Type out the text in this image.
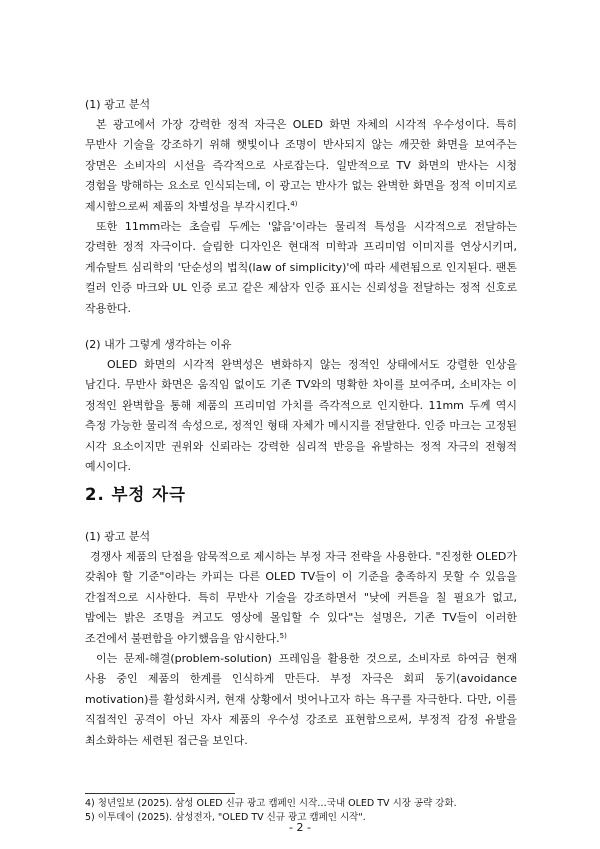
(1) 광고 분석
본 광고에서 가장 강력한 정적 자극은 OLED 화면 자체의 시각적 우수성이다. 특히 무반사 기술을 강조하기 위해 햇빛이나 조명이 반사되지 않는 깨끗한 화면을 보여주는 장면은 소비자의 시선을 즉각적으로 사로잡는다. 일반적으로 TV 화면의 반사는 시청 경험을 방해하는 요소로 인식되는데, 이 광고는 반사가 없는 완벽한 화면을 정적 이미지로 제시함으로써 제품의 차별성을 부각시킨다.$^{4)}$
또한 11mm라는 초슬림 두께는 '얇음'이라는 물리적 특성을 시각적으로 전달하는 강력한 정적 자극이다. 슬림한 디자인은 현대적 미학과 프리미엄 이미지를 연상시키며, 게슈탈트 심리학의 '단순성의 법칙(law of simplicity)'에 따라 세련됨으로 인지된다. 팬톤 컬러 인증 마크와 UL 인증 로고 같은 제삼자 인증 표시는 신뢰성을 전달하는 정적 신호로 작용한다.
(2) 내가 그렇게 생각하는 이유
OLED 화면의 시각적 완벽성은 변화하지 않는 정적인 상태에서도 강렬한 인상을 남긴다. 무반사 화면은 움직임 없이도 기존 TV와의 명확한 차이를 보여주며, 소비자는 이 정적인 완벽함을 통해 제품의 프리미엄 가치를 즉각적으로 인지한다. 11mm 두께 역시 측정 가능한 물리적 속성으로, 정적인 형태 자체가 메시지를 전달한다. 인증 마크는 고정된 시각 요소이지만 권위와 신뢰라는 강력한 심리적 반응을 유발하는 정적 자극의 전형적 예시이다.
2. 부정 자극
(1) 광고 분석
경쟁사 제품의 단점을 암묵적으로 제시하는 부정 자극 전략을 사용한다. "진정한 OLED가 갖춰야 할 기준"이라는 카피는 다른 OLED TV들이 이 기준을 충족하지 못할 수 있음을 간접적으로 시사한다. 특히 무반사 기술을 강조하면서 "낮에 커튼을 칠 필요가 없고, 밤에는 밝은 조명을 켜고도 영상에 몰입할 수 있다"는 설명은, 기존 TV들이 이러한 조건에서 불편함을 야기했음을 암시한다.$^{5)}$
이는 문제-해결(problem-solution) 프레임을 활용한 것으로, 소비자로 하여금 현재 사용 중인 제품의 한계를 인식하게 만든다. 부정 자극은 회피 동기(avoidance motivation)를 활성화시켜, 현재 상황에서 벗어나고자 하는 욕구를 자극한다. 다만, 이를 직접적인 공격이 아닌 자사 제품의 우수성 강조로 표현함으로써, 부정적 감정 유발을 최소화하는 세련된 접근을 보인다.
4) 청년일보 (2025). 삼성 OLED 신규 광고 캠페인 시작…국내 OLED TV 시장 공략 강화.
5) 이투데이 (2025). 삼성전자, "OLED TV 신규 광고 캠페인 시작".
- 2 -
